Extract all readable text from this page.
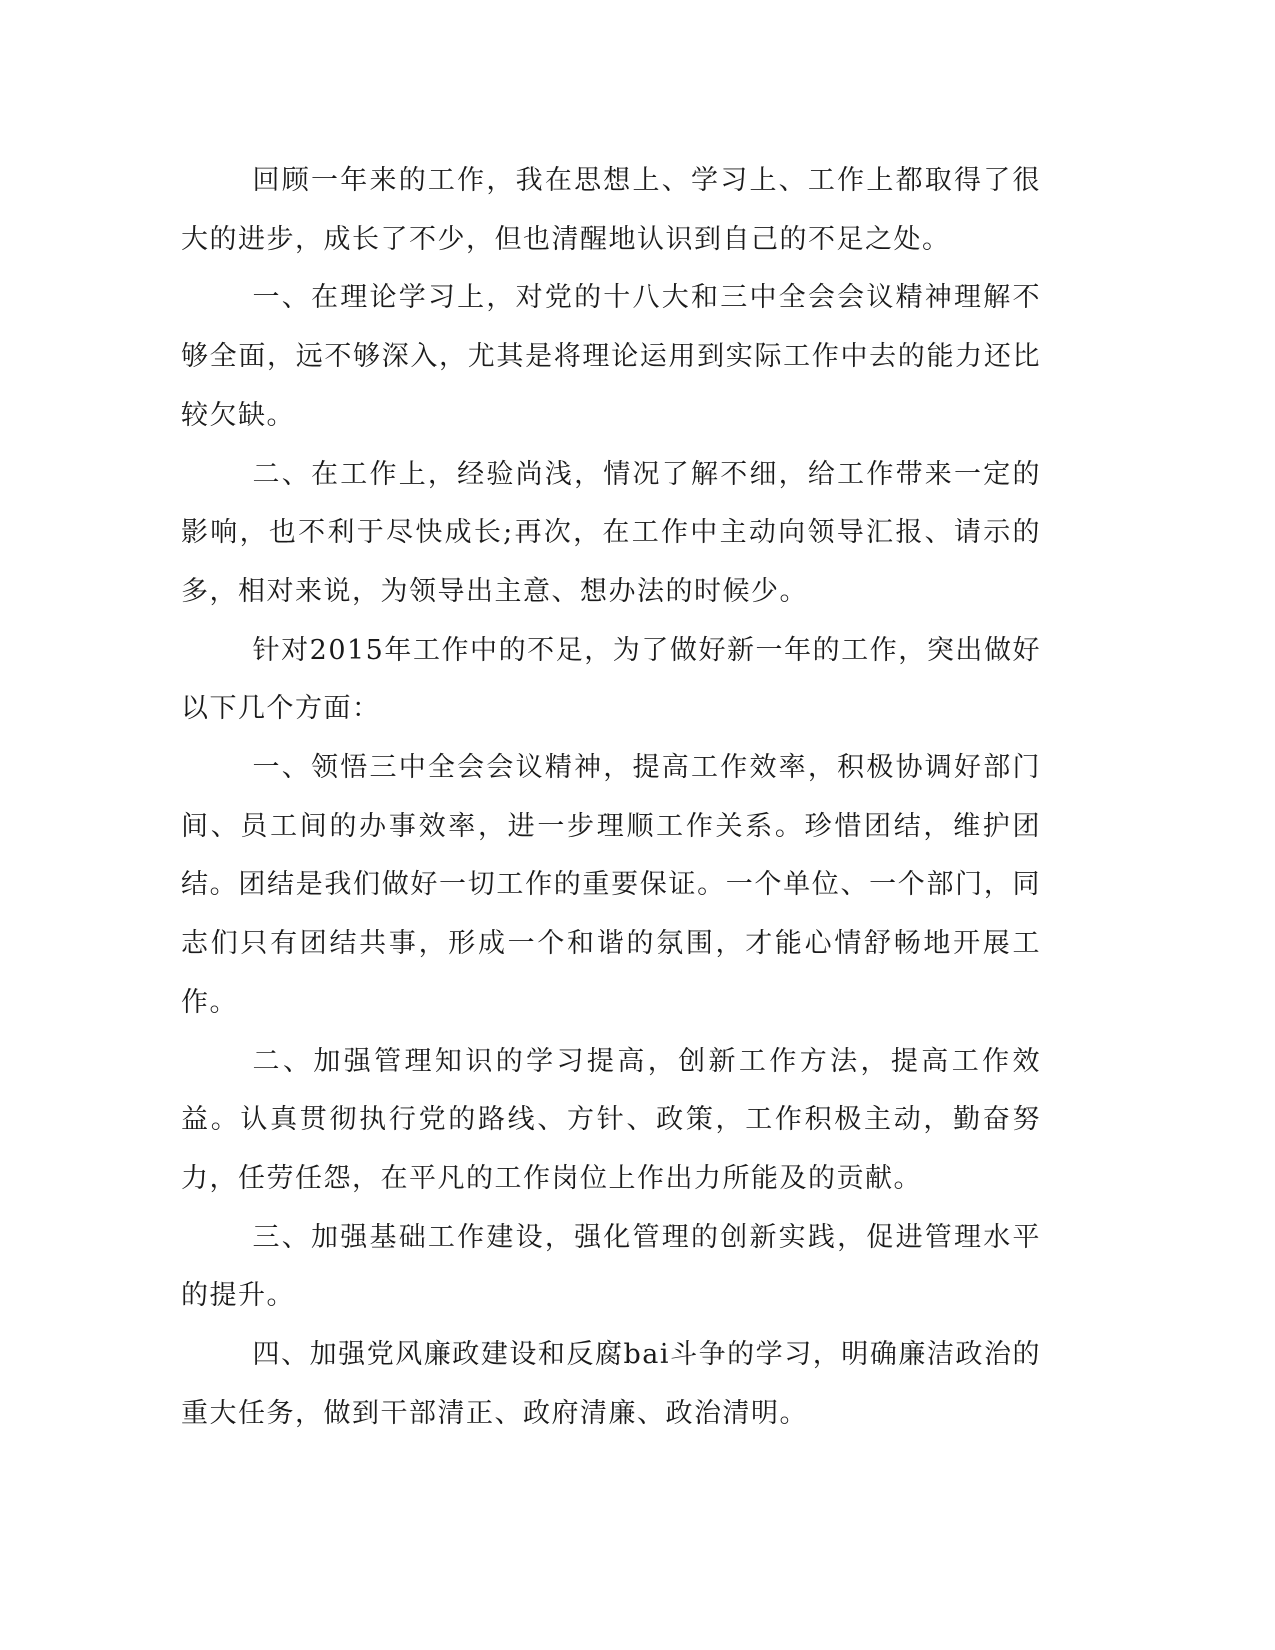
回顾一年来的工作，我在思想上、学习上、工作上都取得了很大的进步，成长了不少，但也清醒地认识到自己的不足之处。

一、在理论学习上，对党的十八大和三中全会会议精神理解不够全面，远不够深入，尤其是将理论运用到实际工作中去的能力还比较欠缺。

二、在工作上，经验尚浅，情况了解不细，给工作带来一定的影响，也不利于尽快成长;再次，在工作中主动向领导汇报、请示的多，相对来说，为领导出主意、想办法的时候少。

针对2015年工作中的不足，为了做好新一年的工作，突出做好以下几个方面：

一、领悟三中全会会议精神，提高工作效率，积极协调好部门间、员工间的办事效率，进一步理顺工作关系。珍惜团结，维护团结。团结是我们做好一切工作的重要保证。一个单位、一个部门，同志们只有团结共事，形成一个和谐的氛围，才能心情舒畅地开展工作。

二、加强管理知识的学习提高，创新工作方法，提高工作效益。认真贯彻执行党的路线、方针、政策，工作积极主动，勤奋努力，任劳任怨，在平凡的工作岗位上作出力所能及的贡献。

三、加强基础工作建设，强化管理的创新实践，促进管理水平的提升。

四、加强党风廉政建设和反腐bai斗争的学习，明确廉洁政治的重大任务，做到干部清正、政府清廉、政治清明。
